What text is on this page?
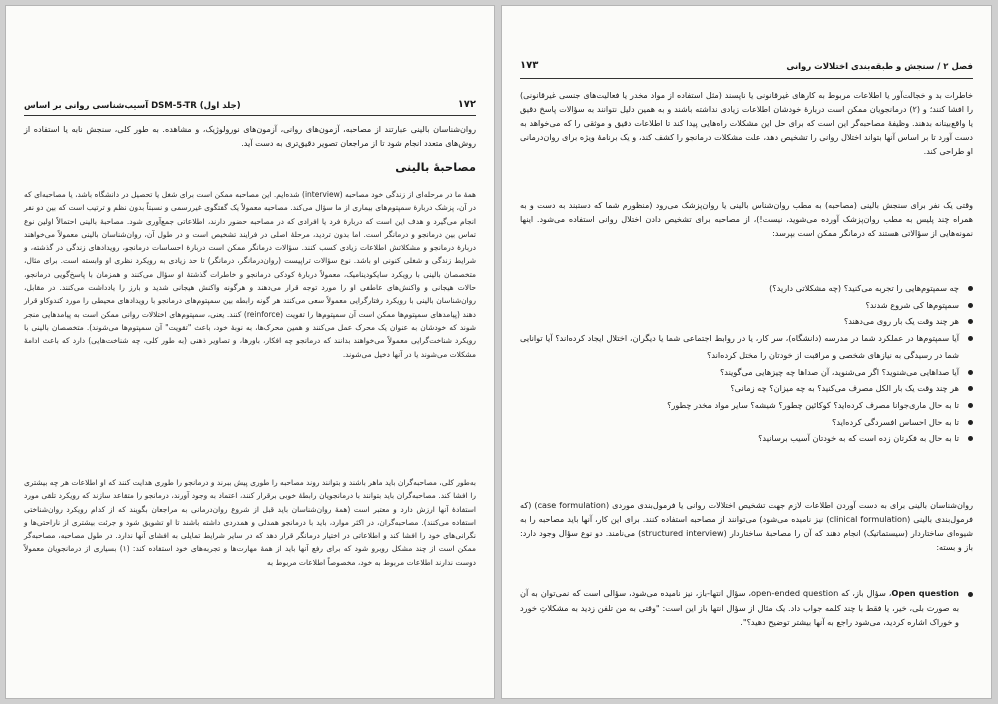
۱۷۲
آسیب‌شناسی روانی بر اساس DSM-5-TR (جلد اول)

روان‌شناسان بالینی عبارتند از مصاحبه، آزمون‌های روانی، آزمون‌های نورولوژیک، و مشاهده. به طور کلی، سنجش نابه یا استفاده از روش‌های متعدد انجام شود تا از مراجعان تصویر دقیق‌تری به دست آید.

مصاحبهٔ بالینی

همهٔ ما در مرحله‌ای از زندگی خود مصاحبه (interview) شده‌ایم. این مصاحبه ممکن است برای شغل یا تحصیل در دانشگاه باشد، یا مصاحبه‌ای که در آن، پزشک دربارهٔ سمپتوم‌های بیماری از ما سؤال می‌کند. مصاحبه معمولاً یک گفتگوی غیررسمی و نسبتاً بدون نظم و ترتیب است که بین دو نفر انجام می‌گیرد و هدف این است که دربارهٔ فرد یا افرادی که در مصاحبه حضور دارند، اطلاعاتی جمع‌آوری شود. مصاحبهٔ بالینی احتمالاً اولین نوع تماس بین درمانجو و درمانگر است. اما بدون تردید، مرحلهٔ اصلی در فرایند تشخیص است و در طول آن، روان‌شناسان بالینی معمولاً می‌خواهند دربارهٔ درمانجو و مشکلاتش اطلاعات زیادی کسب کنند. سؤالات درمانگر ممکن است دربارهٔ احساسات درمانجو، رویدادهای زندگی در گذشته، و شرایط زندگی و شغلی کنونی او باشد. نوع سؤالات تراپیست (روان‌درمانگر، درمانگر) تا حد زیادی به رویکرد نظری او وابسته است. برای مثال، متخصصان بالینی با رویکرد سایکودینامیک، معمولاً دربارهٔ کودکی درمانجو و خاطرات گذشتهٔ او سؤال می‌کنند و همزمان با پاسخ‌گویی درمانجو، حالات هیجانی و واکنش‌های عاطفی او را مورد توجه قرار می‌دهند و هرگونه واکنش هیجانی شدید و بارز را یادداشت می‌کنند. در مقابل، روان‌شناسان بالینی با رویکرد رفتارگرایی معمولاً سعی می‌کنند هر گونه رابطه بین سمپتوم‌های درمانجو با رویدادهای محیطی را مورد کندوکاو قرار دهند (پیامدهای سمپتوم‌ها ممکن است آن سمپتوم‌ها را تقویت (reinforce) کنند. یعنی، سمپتوم‌های اختلالات روانی ممکن است به پیامدهایی منجر شوند که خودشان به عنوان یک محرک عمل می‌کنند و همین محرک‌ها، به نوبهٔ خود، باعث "تقویت" آن سمپتوم‌ها می‌شوند). متخصصان بالینی با رویکرد شناخت‌گرایی معمولاً می‌خواهند بدانند که درمانجو چه افکار، باورها، و تصاویر ذهنی (به طور کلی، چه شناخت‌هایی) دارد که باعث ادامهٔ مشکلات می‌شوند یا در آنها دخیل می‌شوند.

به‌طور کلی، مصاحبه‌گران باید ماهر باشند و بتوانند روند مصاحبه را طوری پیش ببرند و درمانجو را طوری هدایت کنند که او اطلاعات هر چه بیشتری را افشا کند. مصاحبه‌گران باید بتوانند با درمانجویان رابطهٔ خوبی برقرار کنند، اعتماد به وجود آورند، درمانجو را متقاعد سازند که رویکرد تلقی مورد استفادهٔ آنها ارزش دارد و معتبر است (همهٔ روان‌شناسان باید قبل از شروع روان‌درمانی به مراجعان بگویند که از کدام رویکرد روان‌شناختی استفاده می‌کنند). مصاحبه‌گران، در اکثر موارد، باید با درمانجو همدلی و همدردی داشته باشند تا او تشویق شود و جرئت بیشتری از ناراحتی‌ها و نگرانی‌های خود را افشا کند و اطلاعاتی در اختیار درمانگر قرار دهد که در سایر شرایط تمایلی به افشای آنها ندارد. در طول مصاحبه، مصاحبه‌گر ممکن است از چند مشکل روبرو شود که برای رفع آنها باید از همهٔ مهارت‌ها و تجربه‌های خود استفاده کند: (۱) بسیاری از درمانجویان معمولاً دوست ندارند اطلاعات مربوط به خود، مخصوصاً اطلاعات مربوط به

فصل ۲ / سنجش و طبقه‌بندی اختلالات روانی
۱۷۳

خاطرات بد و خجالت‌آور یا اطلاعات مربوط به کارهای غیرقانونی یا ناپسند (مثل استفاده از مواد مخدر یا فعالیت‌های جنسی غیرقانونی) را افشا کنند؛ و (۲) درمانجویان ممکن است دربارهٔ خودشان اطلاعات زیادی نداشته باشند و به همین دلیل نتوانند به سؤالات پاسخ دقیق یا واقع‌بینانه بدهند. وظیفهٔ مصاحبه‌گر این است که برای حل این مشکلات راه‌هایی پیدا کند تا اطلاعات دقیق و موثقی را که می‌خواهد به دست آورد تا بر اساس آنها بتواند اختلال روانی را تشخیص دهد، علت مشکلات درمانجو را کشف کند، و یک برنامهٔ ویژه برای روان‌درمانی او طراحی کند.

وقتی یک نفر برای سنجش بالینی (مصاحبه) به مطب روان‌شناس بالینی یا روان‌پزشک می‌رود (منظورم شما که دستبند به دست و به همراه چند پلیس به مطب روان‌پزشک آورده می‌شوید، نیست!)، از مصاحبه برای تشخیص دادن اختلال روانی استفاده می‌شود. اینها نمونه‌هایی از سؤالاتی هستند که درمانگر ممکن است بپرسد:

چه سمپتوم‌هایی را تجربه می‌کنید؟ (چه مشکلاتی دارید؟)
سمپتوم‌ها کی شروع شدند؟
هر چند وقت یک بار روی می‌دهند؟
آیا سمپتوم‌ها در عملکرد شما در مدرسه (دانشگاه)، سر کار، یا در روابط اجتماعی شما یا دیگران، اختلال ایجاد کرده‌اند؟ آیا توانایی شما در رسیدگی به نیازهای شخصی و مراقبت از خودتان را مختل کرده‌اند؟
آیا صداهایی می‌شنوید؟ اگر می‌شنوید، آن صداها چه چیزهایی می‌گویند؟
هر چند وقت یک بار الکل مصرف می‌کنید؟ به چه میزان؟ چه زمانی؟
تا به حال ماری‌جوانا مصرف کرده‌اید؟ کوکائین چطور؟ شیشه؟ سایر مواد مخدر چطور؟
تا به حال احساس افسردگی کرده‌اید؟
تا به حال به فکرتان زده است که به خودتان آسیب برسانید؟

روان‌شناسان بالینی برای به دست آوردن اطلاعات لازم جهت تشخیص اختلالات روانی یا فرمول‌بندی موردی (case formulation) (که فرمول‌بندی بالینی (clinical formulation) نیز نامیده می‌شود) می‌توانند از مصاحبه استفاده کنند. برای این کار، آنها باید مصاحبه را به شیوه‌ای ساختاردار (سیستماتیک) انجام دهند که آن را مصاحبهٔ ساختاردار (structured interview) می‌نامند. دو نوع سؤال وجود دارد: باز و بسته:

Open question، سؤال باز، که open-ended question، سؤال انتها-باز، نیز نامیده می‌شود، سؤالی است که نمی‌توان به آن به صورت بلی، خیر، یا فقط با چند کلمه جواب داد. یک مثال از سؤال انتها باز این است: "وقتی به من تلفن زدید به مشکلاتِ خورد و خوراک اشاره کردید، می‌شود راجع به آنها بیشتر توضیح دهید؟".
